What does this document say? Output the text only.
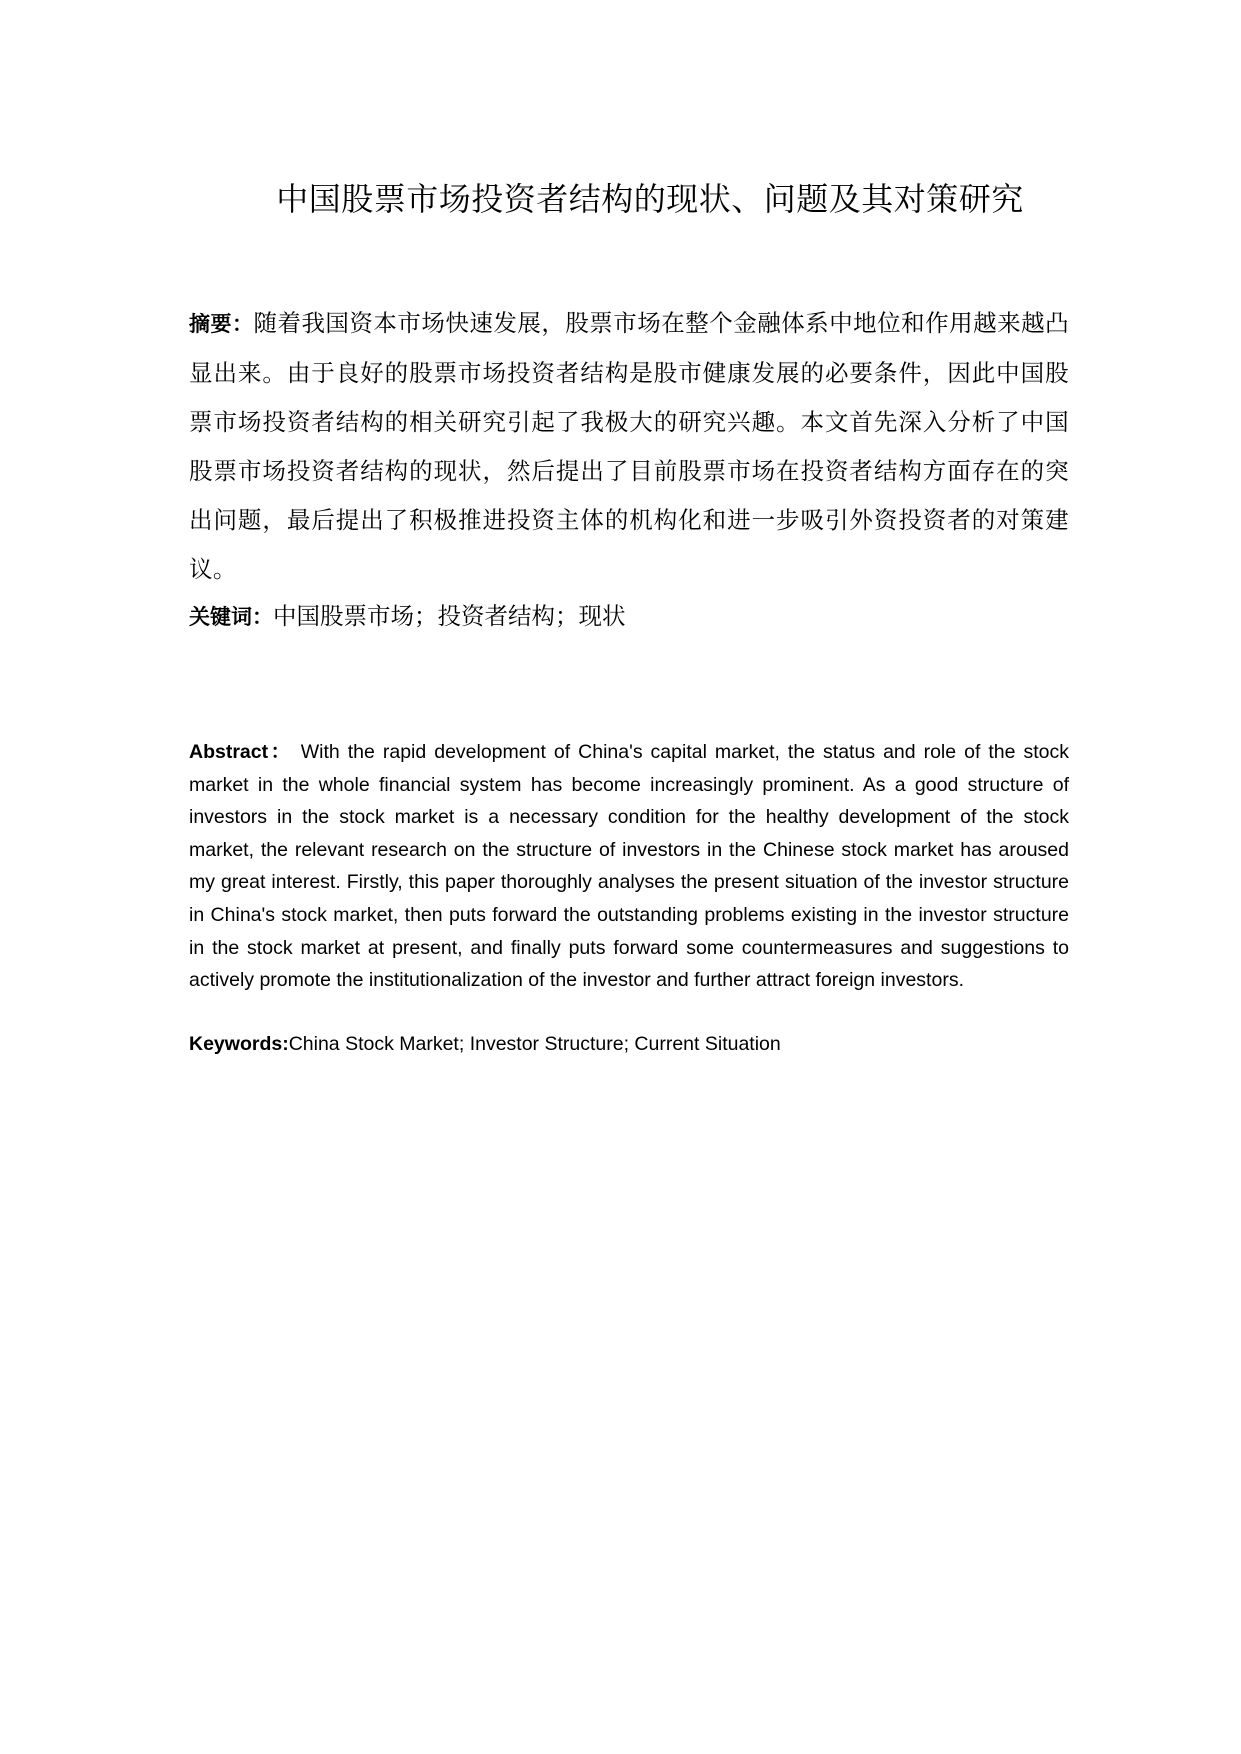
中国股票市场投资者结构的现状、问题及其对策研究
摘要：随着我国资本市场快速发展，股票市场在整个金融体系中地位和作用越来越凸显出来。由于良好的股票市场投资者结构是股市健康发展的必要条件，因此中国股票市场投资者结构的相关研究引起了我极大的研究兴趣。本文首先深入分析了中国股票市场投资者结构的现状，然后提出了目前股票市场在投资者结构方面存在的突出问题，最后提出了积极推进投资主体的机构化和进一步吸引外资投资者的对策建议。
关键词：中国股票市场；投资者结构；现状
Abstract： With the rapid development of China's capital market, the status and role of the stock market in the whole financial system has become increasingly prominent. As a good structure of investors in the stock market is a necessary condition for the healthy development of the stock market, the relevant research on the structure of investors in the Chinese stock market has aroused my great interest. Firstly, this paper thoroughly analyses the present situation of the investor structure in China's stock market, then puts forward the outstanding problems existing in the investor structure in the stock market at present, and finally puts forward some countermeasures and suggestions to actively promote the institutionalization of the investor and further attract foreign investors.
Keywords:China Stock Market; Investor Structure; Current Situation
